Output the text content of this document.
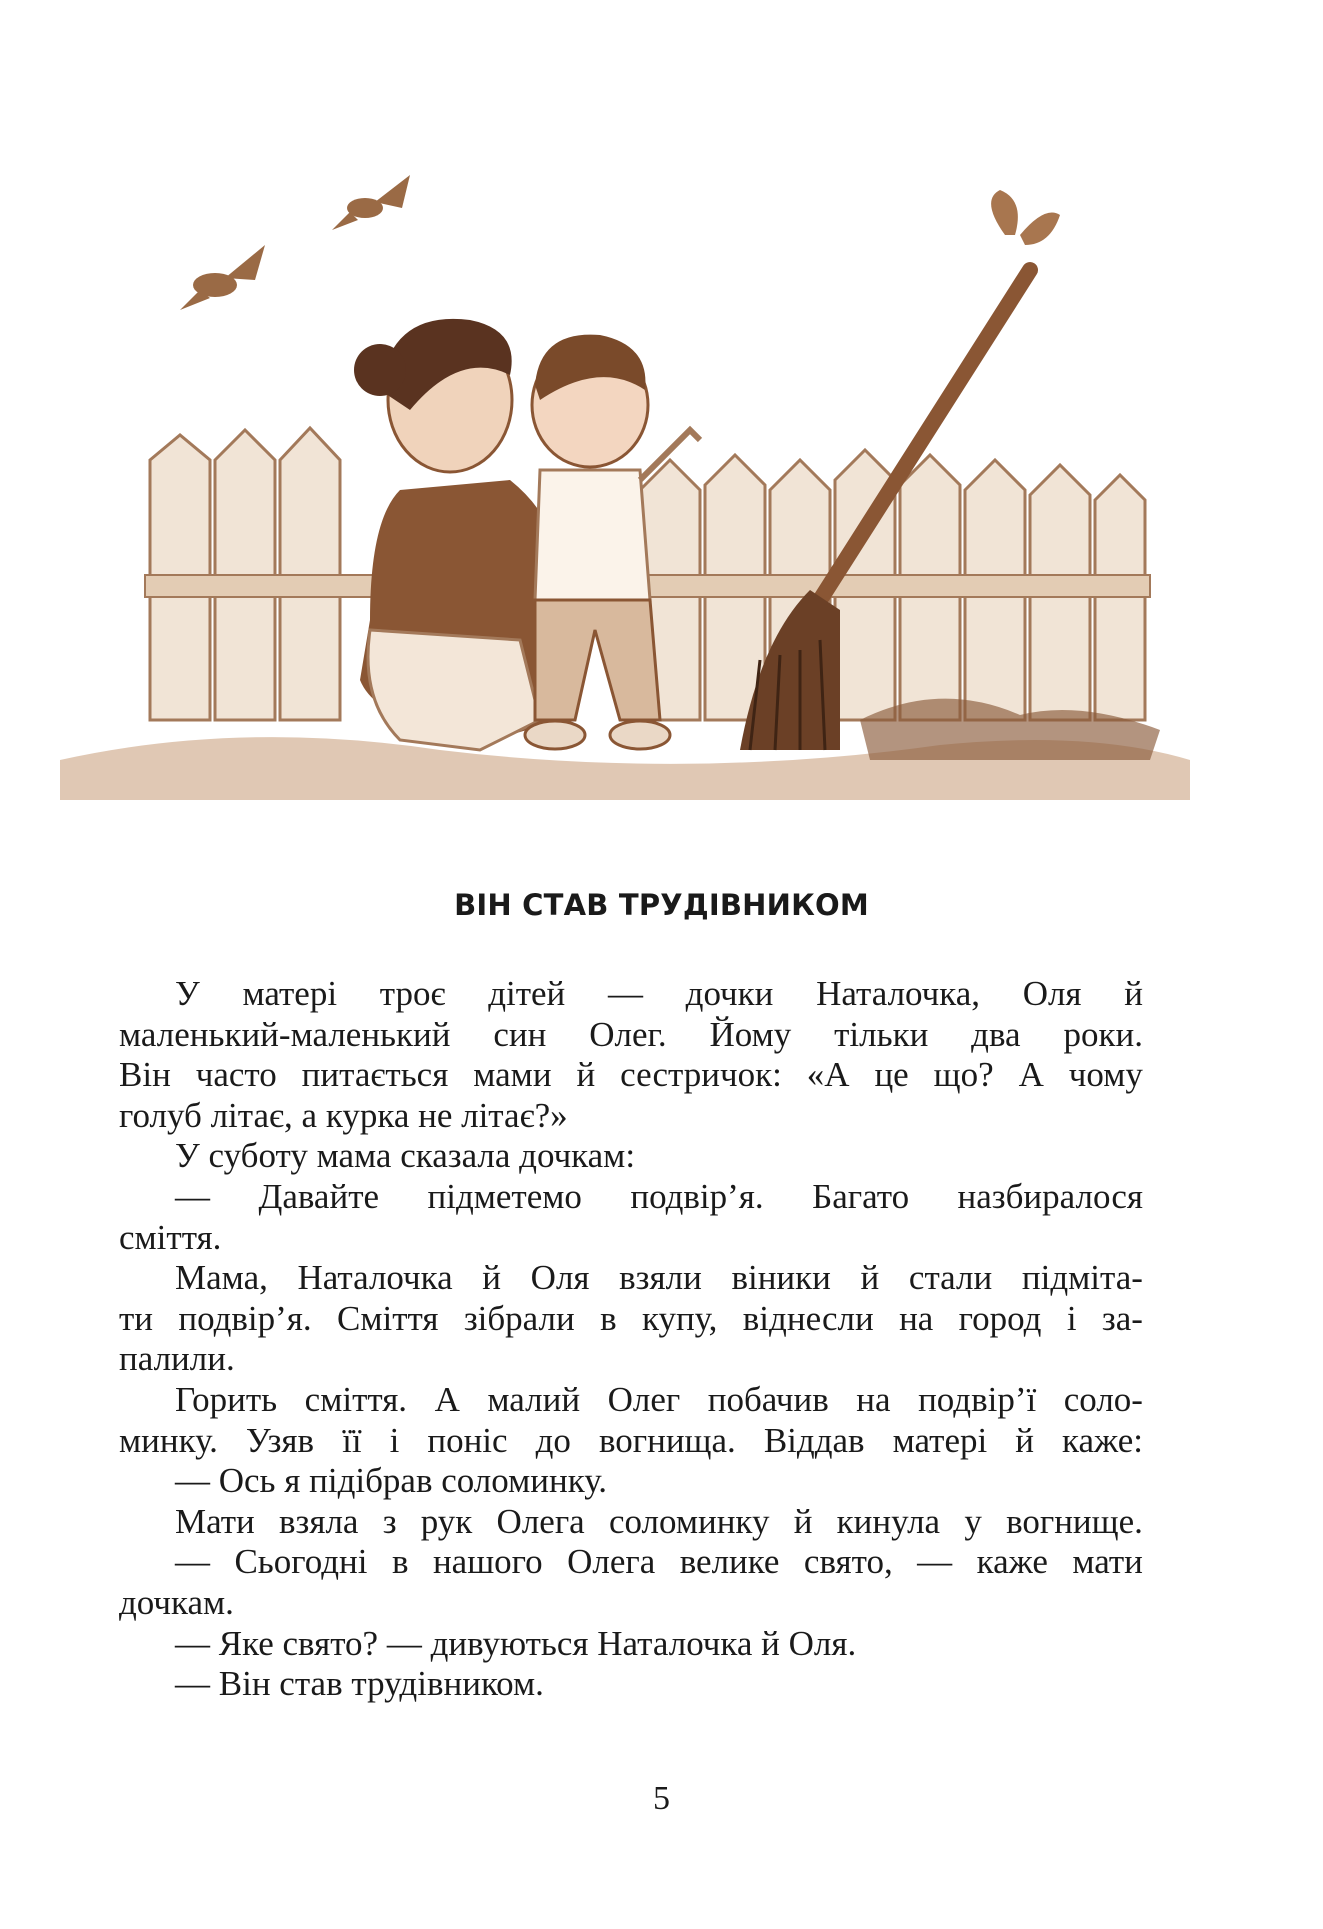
ВІН СТАВ ТРУДІВНИКОМ
У матері троє дітей — дочки Наталочка, Оля й
маленький-маленький син Олег. Йому тільки два роки.
Він часто питається мами й сестричок: «А це що? А чому
голуб літає, а курка не літає?»
У суботу мама сказала дочкам:
— Давайте підметемо подвір’я. Багато назбиралося
сміття.
Мама, Наталочка й Оля взяли віники й стали підміта-
ти подвір’я. Сміття зібрали в купу, віднесли на город і за-
палили.
Горить сміття. А малий Олег побачив на подвір’ї соло-
минку. Узяв її і поніс до вогнища. Віддав матері й каже:
— Ось я підібрав соломинку.
Мати взяла з рук Олега соломинку й кинула у вогнище.
— Сьогодні в нашого Олега велике свято, — каже мати
дочкам.
— Яке свято? — дивуються Наталочка й Оля.
— Він став трудівником.
5
